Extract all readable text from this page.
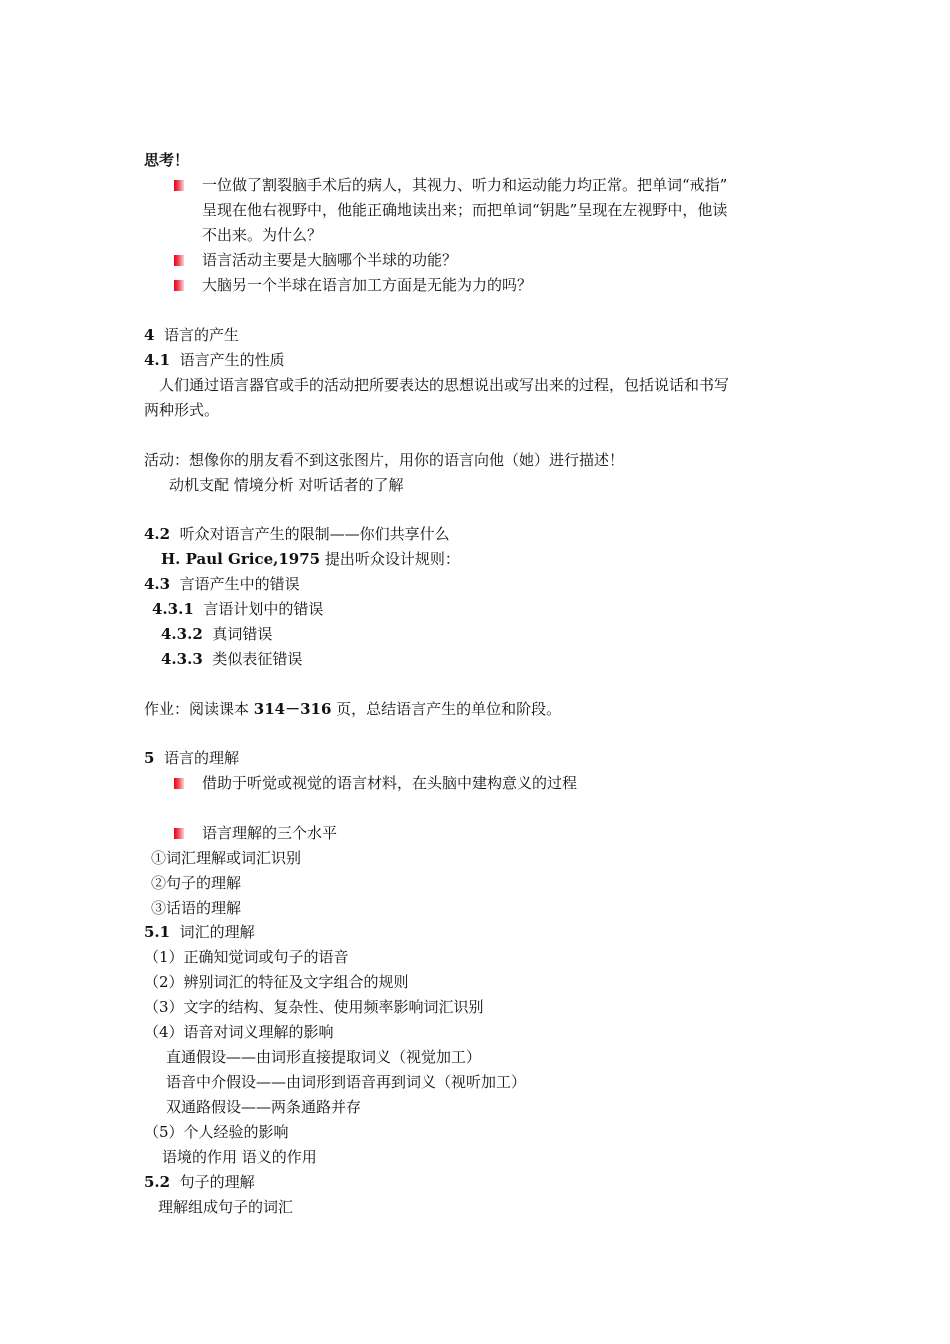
思考！
一位做了割裂脑手术后的病人，其视力、听力和运动能力均正常。把单词“戒指”
呈现在他右视野中，他能正确地读出来；而把单词“钥匙”呈现在左视野中，他读
不出来。为什么？
语言活动主要是大脑哪个半球的功能？
大脑另一个半球在语言加工方面是无能为力的吗？
4 语言的产生
4.1 语言产生的性质
人们通过语言器官或手的活动把所要表达的思想说出或写出来的过程，包括说话和书写
两种形式。
活动：想像你的朋友看不到这张图片，用你的语言向他（她）进行描述！
动机支配 情境分析 对听话者的了解
4.2 听众对语言产生的限制——你们共享什么
H. Paul Grice,1975 提出听众设计规则：
4.3 言语产生中的错误
4.3.1 言语计划中的错误
4.3.2 真词错误
4.3.3 类似表征错误
作业：阅读课本 314－316 页，总结语言产生的单位和阶段。
5 语言的理解
借助于听觉或视觉的语言材料，在头脑中建构意义的过程
语言理解的三个水平
①词汇理解或词汇识别
②句子的理解
③话语的理解
5.1 词汇的理解
（1）正确知觉词或句子的语音
（2）辨别词汇的特征及文字组合的规则
（3）文字的结构、复杂性、使用频率影响词汇识别
（4）语音对词义理解的影响
直通假设——由词形直接提取词义（视觉加工）
语音中介假设——由词形到语音再到词义（视听加工）
双通路假设——两条通路并存
（5）个人经验的影响
语境的作用 语义的作用
5.2 句子的理解
理解组成句子的词汇
